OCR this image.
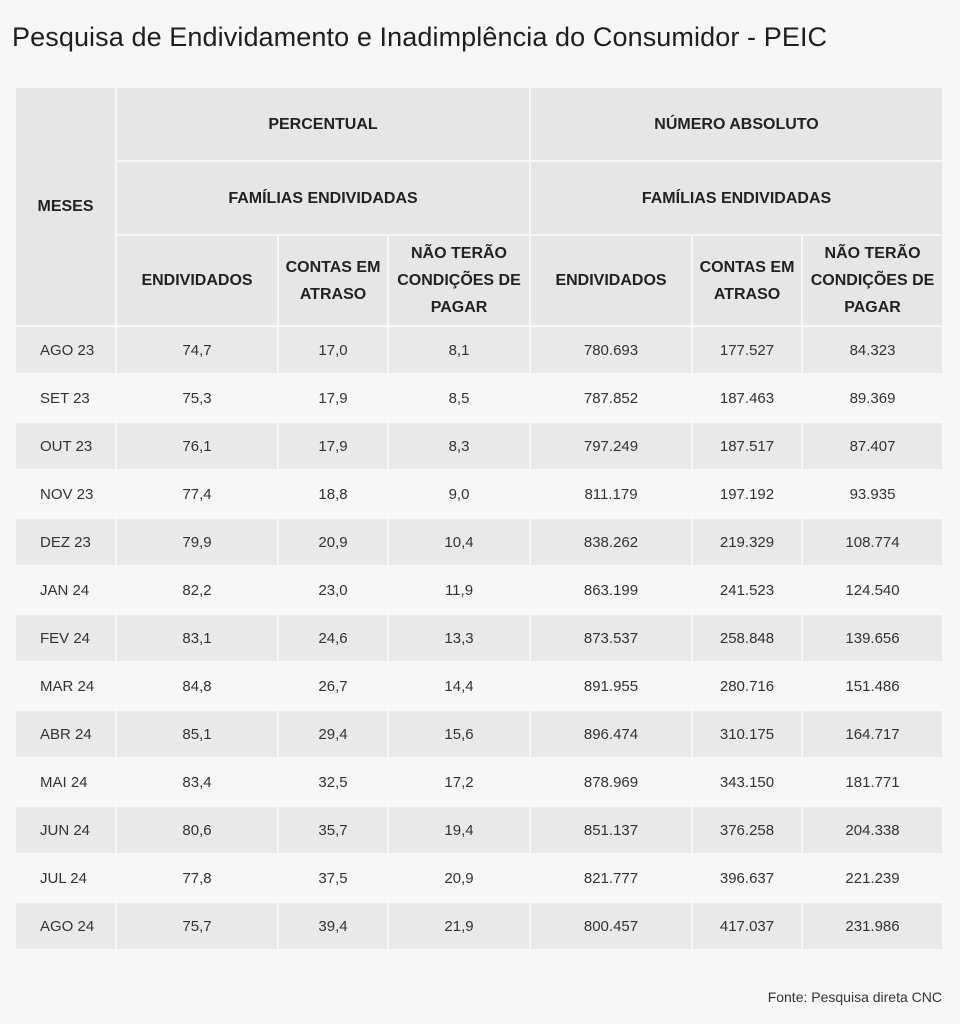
Pesquisa de Endividamento e Inadimplência do Consumidor - PEIC
MESES	PERCENTUAL			NÚMERO ABSOLUTO		
	FAMÍLIAS ENDIVIDADAS			FAMÍLIAS ENDIVIDADAS		
	ENDIVIDADOS	CONTAS EM ATRASO	NÃO TERÃO CONDIÇÕES DE PAGAR	ENDIVIDADOS	CONTAS EM ATRASO	NÃO TERÃO CONDIÇÕES DE PAGAR
AGO 23	74,7	17,0	8,1	780.693	177.527	84.323
SET 23	75,3	17,9	8,5	787.852	187.463	89.369
OUT 23	76,1	17,9	8,3	797.249	187.517	87.407
NOV 23	77,4	18,8	9,0	811.179	197.192	93.935
DEZ 23	79,9	20,9	10,4	838.262	219.329	108.774
JAN 24	82,2	23,0	11,9	863.199	241.523	124.540
FEV 24	83,1	24,6	13,3	873.537	258.848	139.656
MAR 24	84,8	26,7	14,4	891.955	280.716	151.486
ABR 24	85,1	29,4	15,6	896.474	310.175	164.717
MAI 24	83,4	32,5	17,2	878.969	343.150	181.771
JUN 24	80,6	35,7	19,4	851.137	376.258	204.338
JUL 24	77,8	37,5	20,9	821.777	396.637	221.239
AGO 24	75,7	39,4	21,9	800.457	417.037	231.986
Fonte: Pesquisa direta CNC
